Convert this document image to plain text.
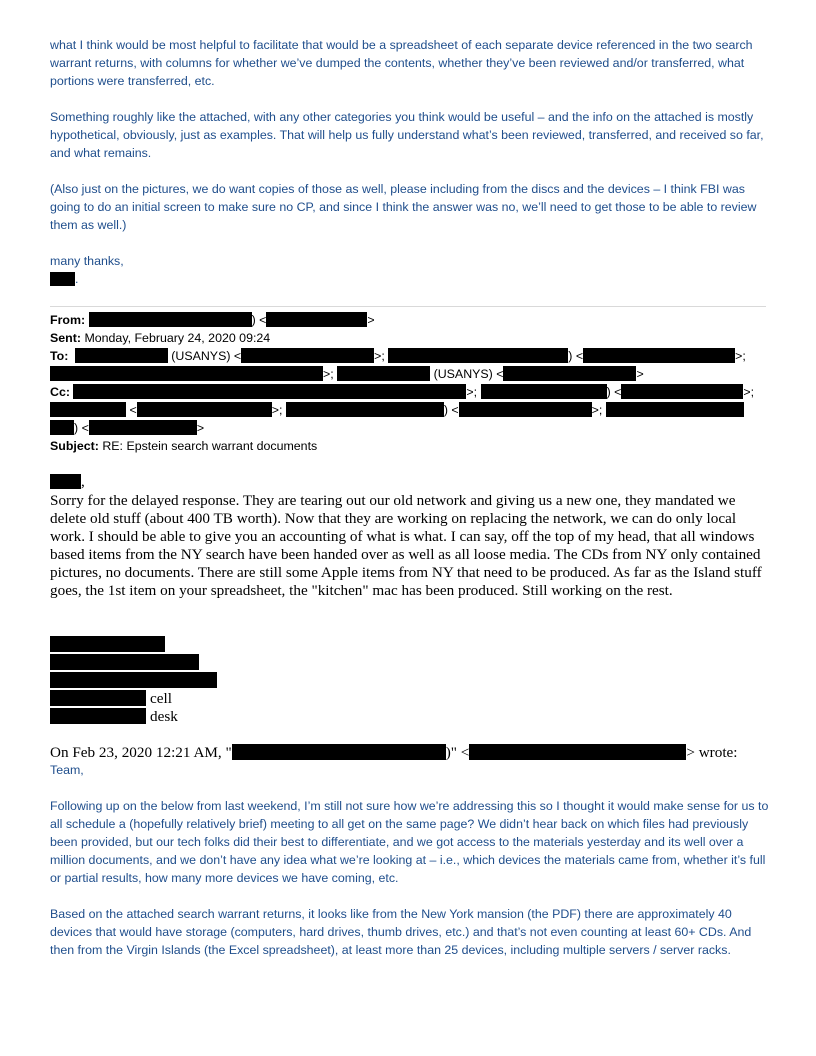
what I think would be most helpful to facilitate that would be a spreadsheet of each separate device referenced in the two search warrant returns, with columns for whether we’ve dumped the contents, whether they’ve been reviewed and/or transferred, what portions were transferred, etc.

Something roughly like the attached, with any other categories you think would be useful – and the info on the attached is mostly hypothetical, obviously, just as examples. That will help us fully understand what’s been reviewed, transferred, and received so far, and what remains.

(Also just on the pictures, we do want copies of those as well, please including from the discs and the devices – I think FBI was going to do an initial screen to make sure no CP, and since I think the answer was no, we’ll need to get those to be able to review them as well.)

many thanks,

.
From:	) <	>
Sent: Monday, February 24, 2020 09:24
To:	(USANYS) <	>;	) <	>;
>;	(USANYS) <	>
Cc:	>;	) <	>;
<	>;	) <	>;
) <	>
Subject: RE: Epstein search warrant documents
,

Sorry for the delayed response. They are tearing out our old network and giving us a new one, they mandated we delete old stuff (about 400 TB worth). Now that they are working on replacing the network, we can do only local work. I should be able to give you an accounting of what is what. I can say, off the top of my head, that all windows based items from the NY search have been handed over as well as all loose media. The CDs from NY only contained pictures, no documents. There are still some Apple items from NY that need to be produced. As far as the Island stuff goes, the 1st item on your spreadsheet, the "kitchen" mac has been produced. Still working on the rest.

cell
desk
On Feb 23, 2020 12:21 AM, "	)" <	> wrote:

Team,

Following up on the below from last weekend, I’m still not sure how we’re addressing this so I thought it would make sense for us to all schedule a (hopefully relatively brief) meeting to all get on the same page? We didn’t hear back on which files had previously been provided, but our tech folks did their best to differentiate, and we got access to the materials yesterday and its well over a million documents, and we don’t have any idea what we’re looking at – i.e., which devices the materials came from, whether it’s full or partial results, how many more devices we have coming, etc.

Based on the attached search warrant returns, it looks like from the New York mansion (the PDF) there are approximately 40 devices that would have storage (computers, hard drives, thumb drives, etc.) and that’s not even counting at least 60+ CDs. And then from the Virgin Islands (the Excel spreadsheet), at least more than 25 devices, including multiple servers / server racks.
